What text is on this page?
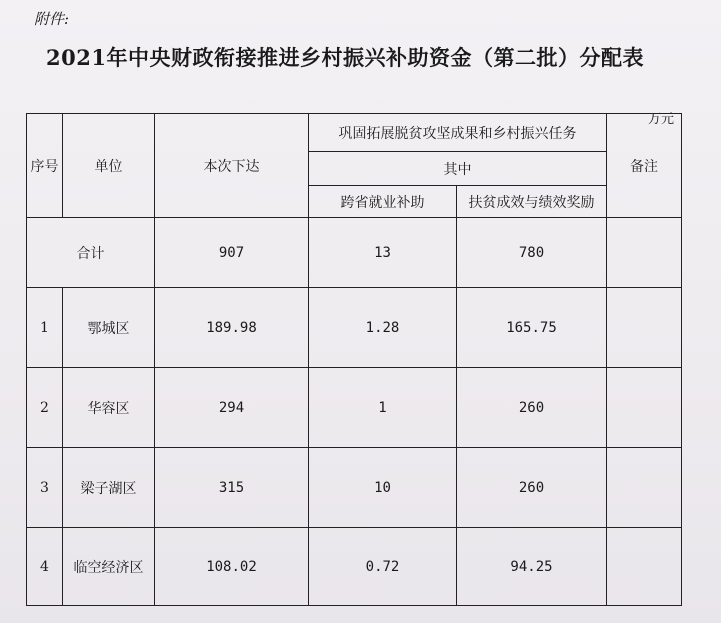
附件:
2021年中央财政衔接推进乡村振兴补助资金（第二批）分配表
万元
序号	单位	本次下达	巩固拓展脱贫攻坚成果和乡村振兴任务		备注
			其中		
			跨省就业补助	扶贫成效与绩效奖励	
合计		907	13	780	
1	鄂城区	189.98	1.28	165.75	
2	华容区	294	1	260	
3	梁子湖区	315	10	260	
4	临空经济区	108.02	0.72	94.25	
